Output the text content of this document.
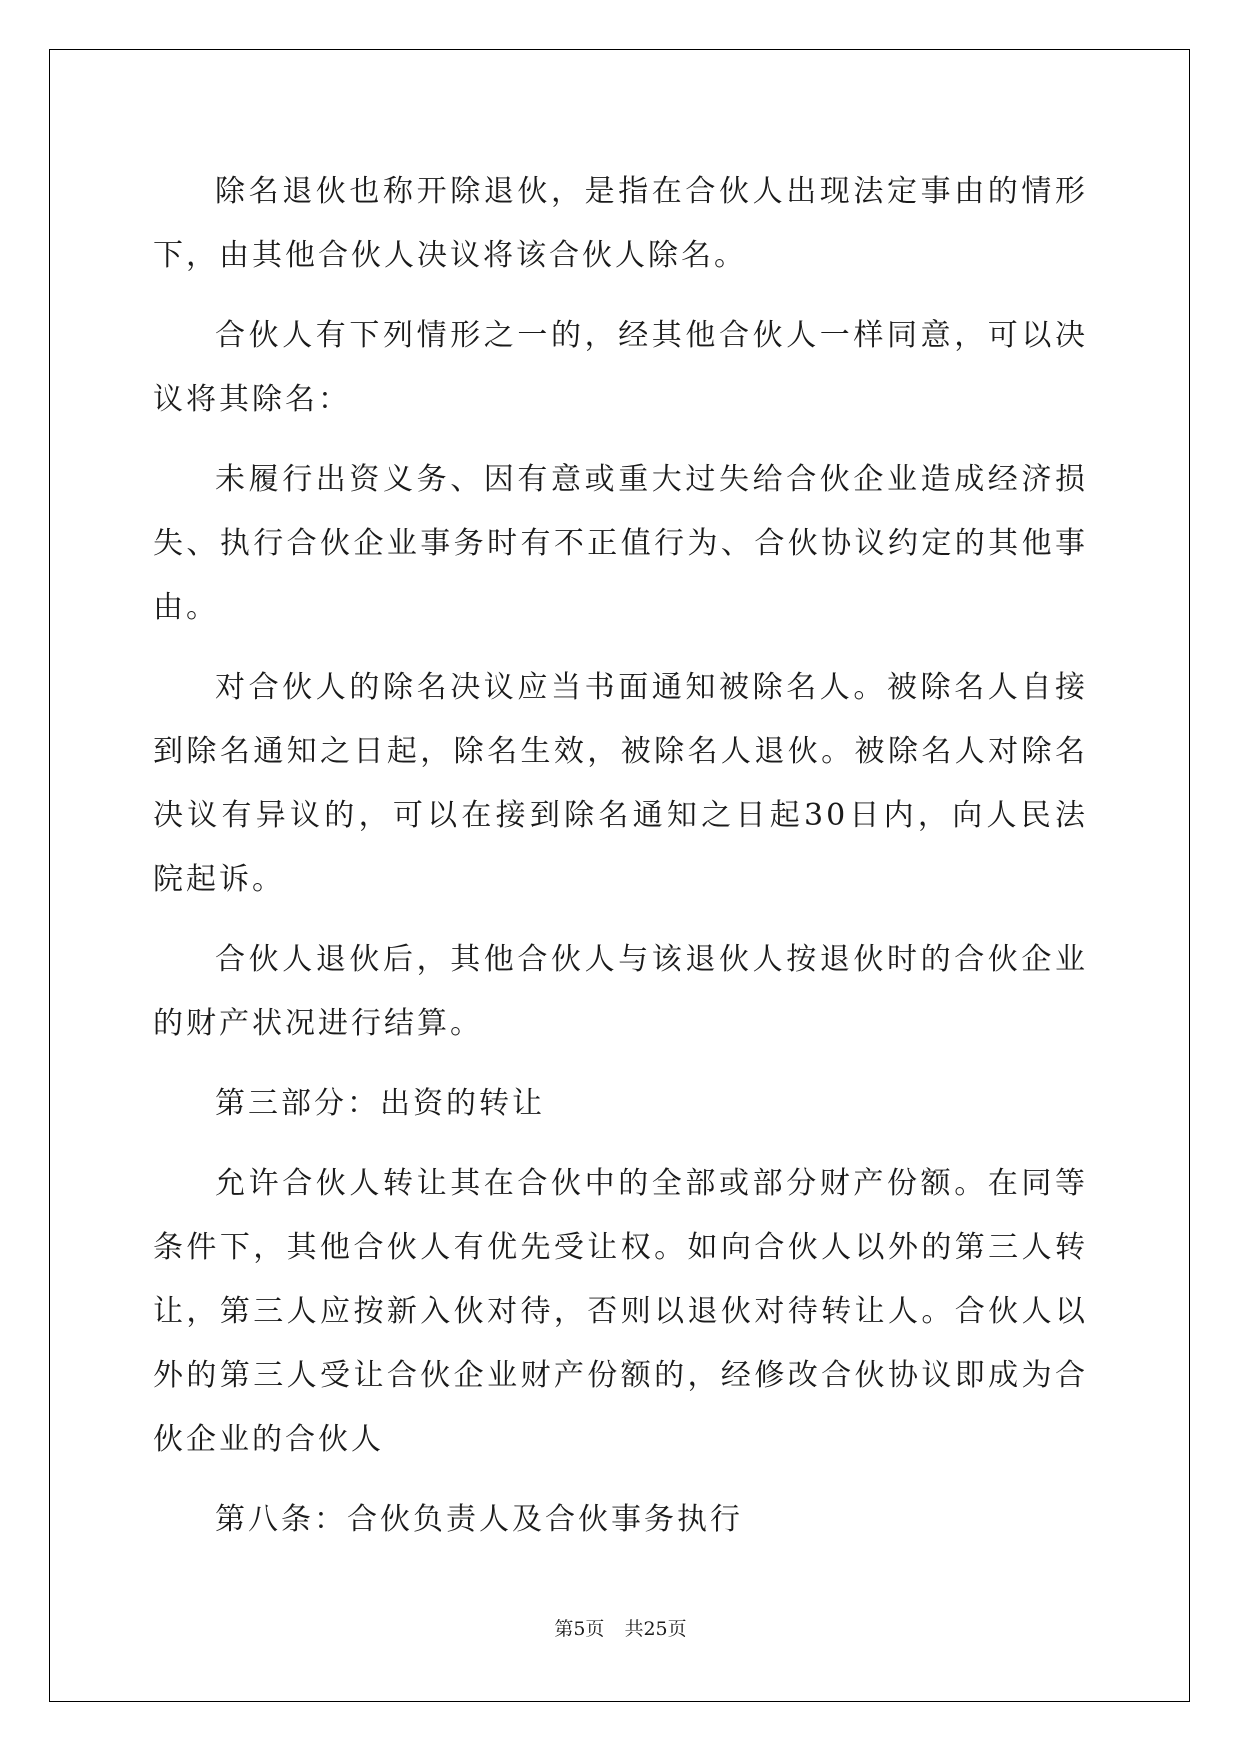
除名退伙也称开除退伙，是指在合伙人出现法定事由的情形下，由其他合伙人决议将该合伙人除名。

合伙人有下列情形之一的，经其他合伙人一样同意，可以决议将其除名：

未履行出资义务、因有意或重大过失给合伙企业造成经济损失、执行合伙企业事务时有不正值行为、合伙协议约定的其他事由。

对合伙人的除名决议应当书面通知被除名人。被除名人自接到除名通知之日起，除名生效，被除名人退伙。被除名人对除名决议有异议的，可以在接到除名通知之日起30日内，向人民法院起诉。

合伙人退伙后，其他合伙人与该退伙人按退伙时的合伙企业的财产状况进行结算。

第三部分：出资的转让

允许合伙人转让其在合伙中的全部或部分财产份额。在同等条件下，其他合伙人有优先受让权。如向合伙人以外的第三人转让，第三人应按新入伙对待，否则以退伙对待转让人。合伙人以外的第三人受让合伙企业财产份额的，经修改合伙协议即成为合伙企业的合伙人

第八条：合伙负责人及合伙事务执行

第5页 共25页
